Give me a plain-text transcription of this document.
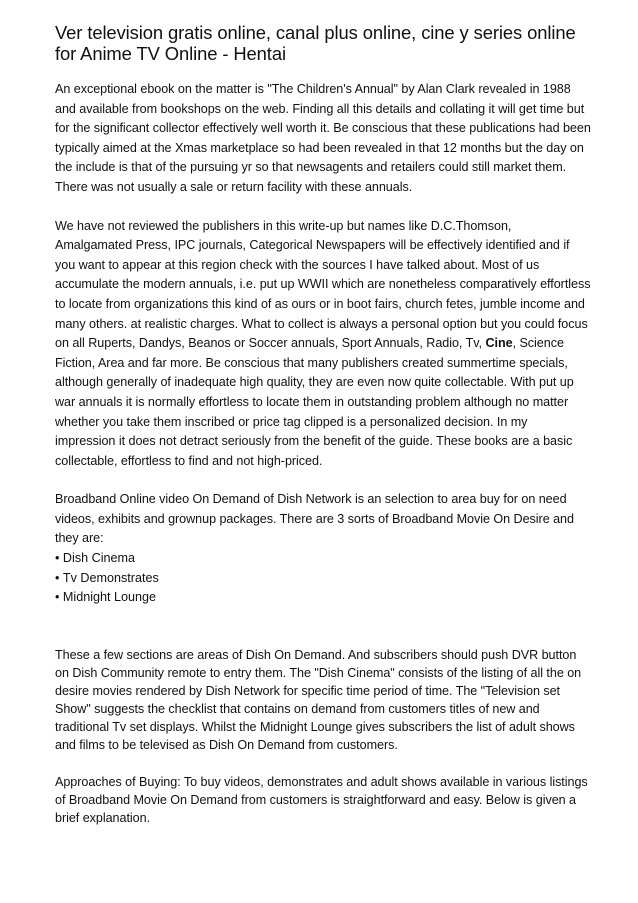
Ver television gratis online, canal plus online, cine y series online for Anime TV Online - Hentai

An exceptional ebook on the matter is "The Children's Annual" by Alan Clark revealed in 1988 and available from bookshops on the web. Finding all this details and collating it will get time but for the significant collector effectively well worth it. Be conscious that these publications had been typically aimed at the Xmas marketplace so had been revealed in that 12 months but the day on the include is that of the pursuing yr so that newsagents and retailers could still market them. There was not usually a sale or return facility with these annuals.

We have not reviewed the publishers in this write-up but names like D.C.Thomson, Amalgamated Press, IPC journals, Categorical Newspapers will be effectively identified and if you want to appear at this region check with the sources I have talked about. Most of us accumulate the modern annuals, i.e. put up WWII which are nonetheless comparatively effortless to locate from organizations this kind of as ours or in boot fairs, church fetes, jumble income and many others. at realistic charges. What to collect is always a personal option but you could focus on all Ruperts, Dandys, Beanos or Soccer annuals, Sport Annuals, Radio, Tv, Cine, Science Fiction, Area and far more. Be conscious that many publishers created summertime specials, although generally of inadequate high quality, they are even now quite collectable. With put up war annuals it is normally effortless to locate them in outstanding problem although no matter whether you take them inscribed or price tag clipped is a personalized decision. In my impression it does not detract seriously from the benefit of the guide. These books are a basic collectable, effortless to find and not high-priced.

Broadband Online video On Demand of Dish Network is an selection to area buy for on need videos, exhibits and grownup packages. There are 3 sorts of Broadband Movie On Desire and they are:

• Dish Cinema
• Tv Demonstrates
• Midnight Lounge

These a few sections are areas of Dish On Demand. And subscribers should push DVR button on Dish Community remote to entry them. The "Dish Cinema" consists of the listing of all the on desire movies rendered by Dish Network for specific time period of time. The "Television set Show" suggests the checklist that contains on demand from customers titles of new and traditional Tv set displays. Whilst the Midnight Lounge gives subscribers the list of adult shows and films to be televised as Dish On Demand from customers.

Approaches of Buying: To buy videos, demonstrates and adult shows available in various listings of Broadband Movie On Demand from customers is straightforward and easy. Below is given a brief explanation.
